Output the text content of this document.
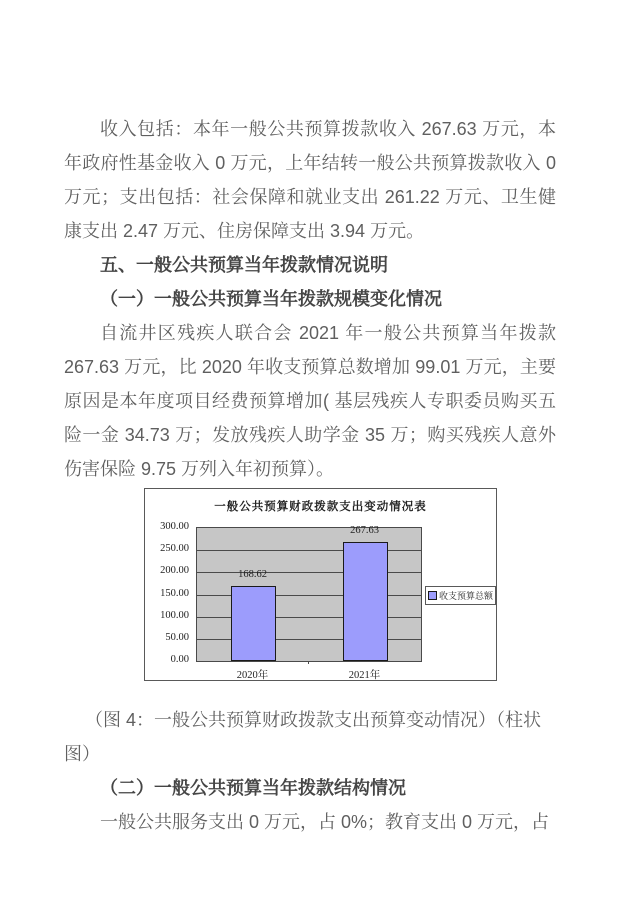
收入包括：本年一般公共预算拨款收入 267.63 万元，本年政府性基金收入 0 万元，上年结转一般公共预算拨款收入 0 万元；支出包括：社会保障和就业支出 261.22 万元、卫生健康支出 2.47 万元、住房保障支出 3.94 万元。

五、一般公共预算当年拨款情况说明
（一）一般公共预算当年拨款规模变化情况

自流井区残疾人联合会 2021 年一般公共预算当年拨款 267.63 万元，比 2020 年收支预算总数增加 99.01 万元，主要原因是本年度项目经费预算增加( 基层残疾人专职委员购买五险一金 34.73 万；发放残疾人助学金 35 万；购买残疾人意外伤害保险 9.75 万列入年初预算）。

一般公共预算财政拨款支出变动情况表
300.00
250.00
200.00
150.00
100.00
50.00
0.00
收支预算总额
168.62
2020年
267.63
2021年

（图 4：一般公共预算财政拨款支出预算变动情况）（柱状图）

（二）一般公共预算当年拨款结构情况

一般公共服务支出 0 万元，占 0%；教育支出 0 万元，占
